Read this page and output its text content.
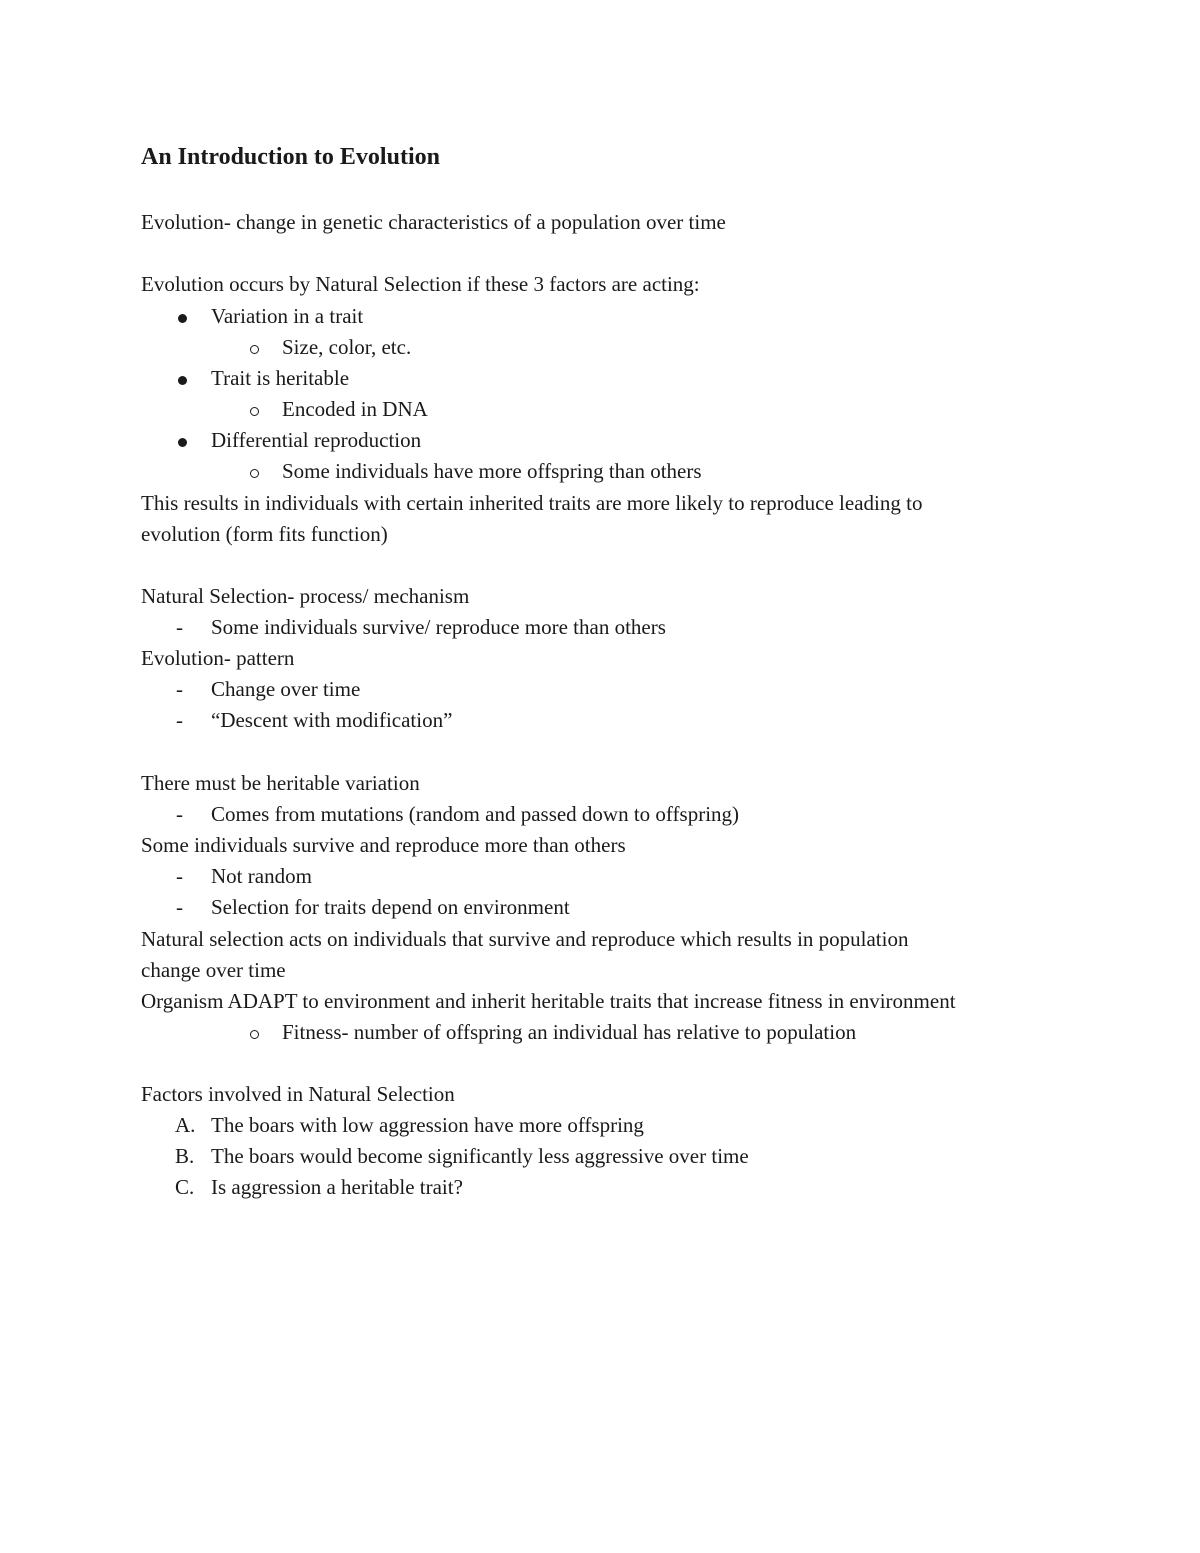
An Introduction to Evolution
Evolution- change in genetic characteristics of a population over time
Evolution occurs by Natural Selection if these 3 factors are acting:
Variation in a trait
Size, color, etc.
Trait is heritable
Encoded in DNA
Differential reproduction
Some individuals have more offspring than others
This results in individuals with certain inherited traits are more likely to reproduce leading to
evolution (form fits function)
Natural Selection- process/ mechanism
- Some individuals survive/ reproduce more than others
Evolution- pattern
- Change over time
- “Descent with modification”
There must be heritable variation
- Comes from mutations (random and passed down to offspring)
Some individuals survive and reproduce more than others
- Not random
- Selection for traits depend on environment
Natural selection acts on individuals that survive and reproduce which results in population
change over time
Organism ADAPT to environment and inherit heritable traits that increase fitness in environment
Fitness- number of offspring an individual has relative to population
Factors involved in Natural Selection
A. The boars with low aggression have more offspring
B. The boars would become significantly less aggressive over time
C. Is aggression a heritable trait?
